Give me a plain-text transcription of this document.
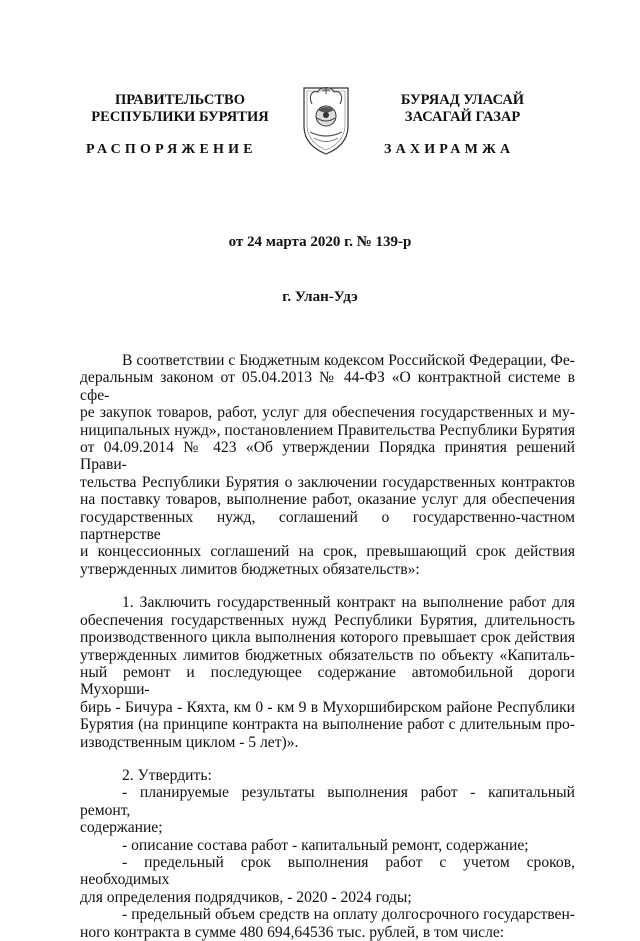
ПРАВИТЕЛЬСТВО
РЕСПУБЛИКИ БУРЯТИЯ
БУРЯАД УЛАСАЙ
ЗАСАГАЙ ГАЗАР
РАСПОРЯЖЕНИЕ	ЗАХИРАМЖА
от 24 марта 2020 г. № 139-р
г. Улан-Удэ
В соответствии с Бюджетным кодексом Российской Федерации, Фе-
деральным законом от 05.04.2013 № 44-ФЗ «О контрактной системе в сфе-
ре закупок товаров, работ, услуг для обеспечения государственных и му-
ниципальных нужд», постановлением Правительства Республики Бурятия
от 04.09.2014 № 423 «Об утверждении Порядка принятия решений Прави-
тельства Республики Бурятия о заключении государственных контрактов
на поставку товаров, выполнение работ, оказание услуг для обеспечения
государственных нужд, соглашений о государственно-частном партнерстве
и концессионных соглашений на срок, превышающий срок действия
утвержденных лимитов бюджетных обязательств»:
1. Заключить государственный контракт на выполнение работ для
обеспечения государственных нужд Республики Бурятия, длительность
производственного цикла выполнения которого превышает срок действия
утвержденных лимитов бюджетных обязательств по объекту «Капиталь-
ный ремонт и последующее содержание автомобильной дороги Мухорши-
бирь - Бичура - Кяхта, км 0 - км 9 в Мухоршибирском районе Республики
Бурятия (на принципе контракта на выполнение работ с длительным про-
изводственным циклом - 5 лет)».
2. Утвердить:
- планируемые результаты выполнения работ - капитальный ремонт,
содержание;
- описание состава работ - капитальный ремонт, содержание;
- предельный срок выполнения работ с учетом сроков, необходимых
для определения подрядчиков, - 2020 - 2024 годы;
- предельный объем средств на оплату долгосрочного государствен-
ного контракта в сумме 480 694,64536 тыс. рублей, в том числе:
